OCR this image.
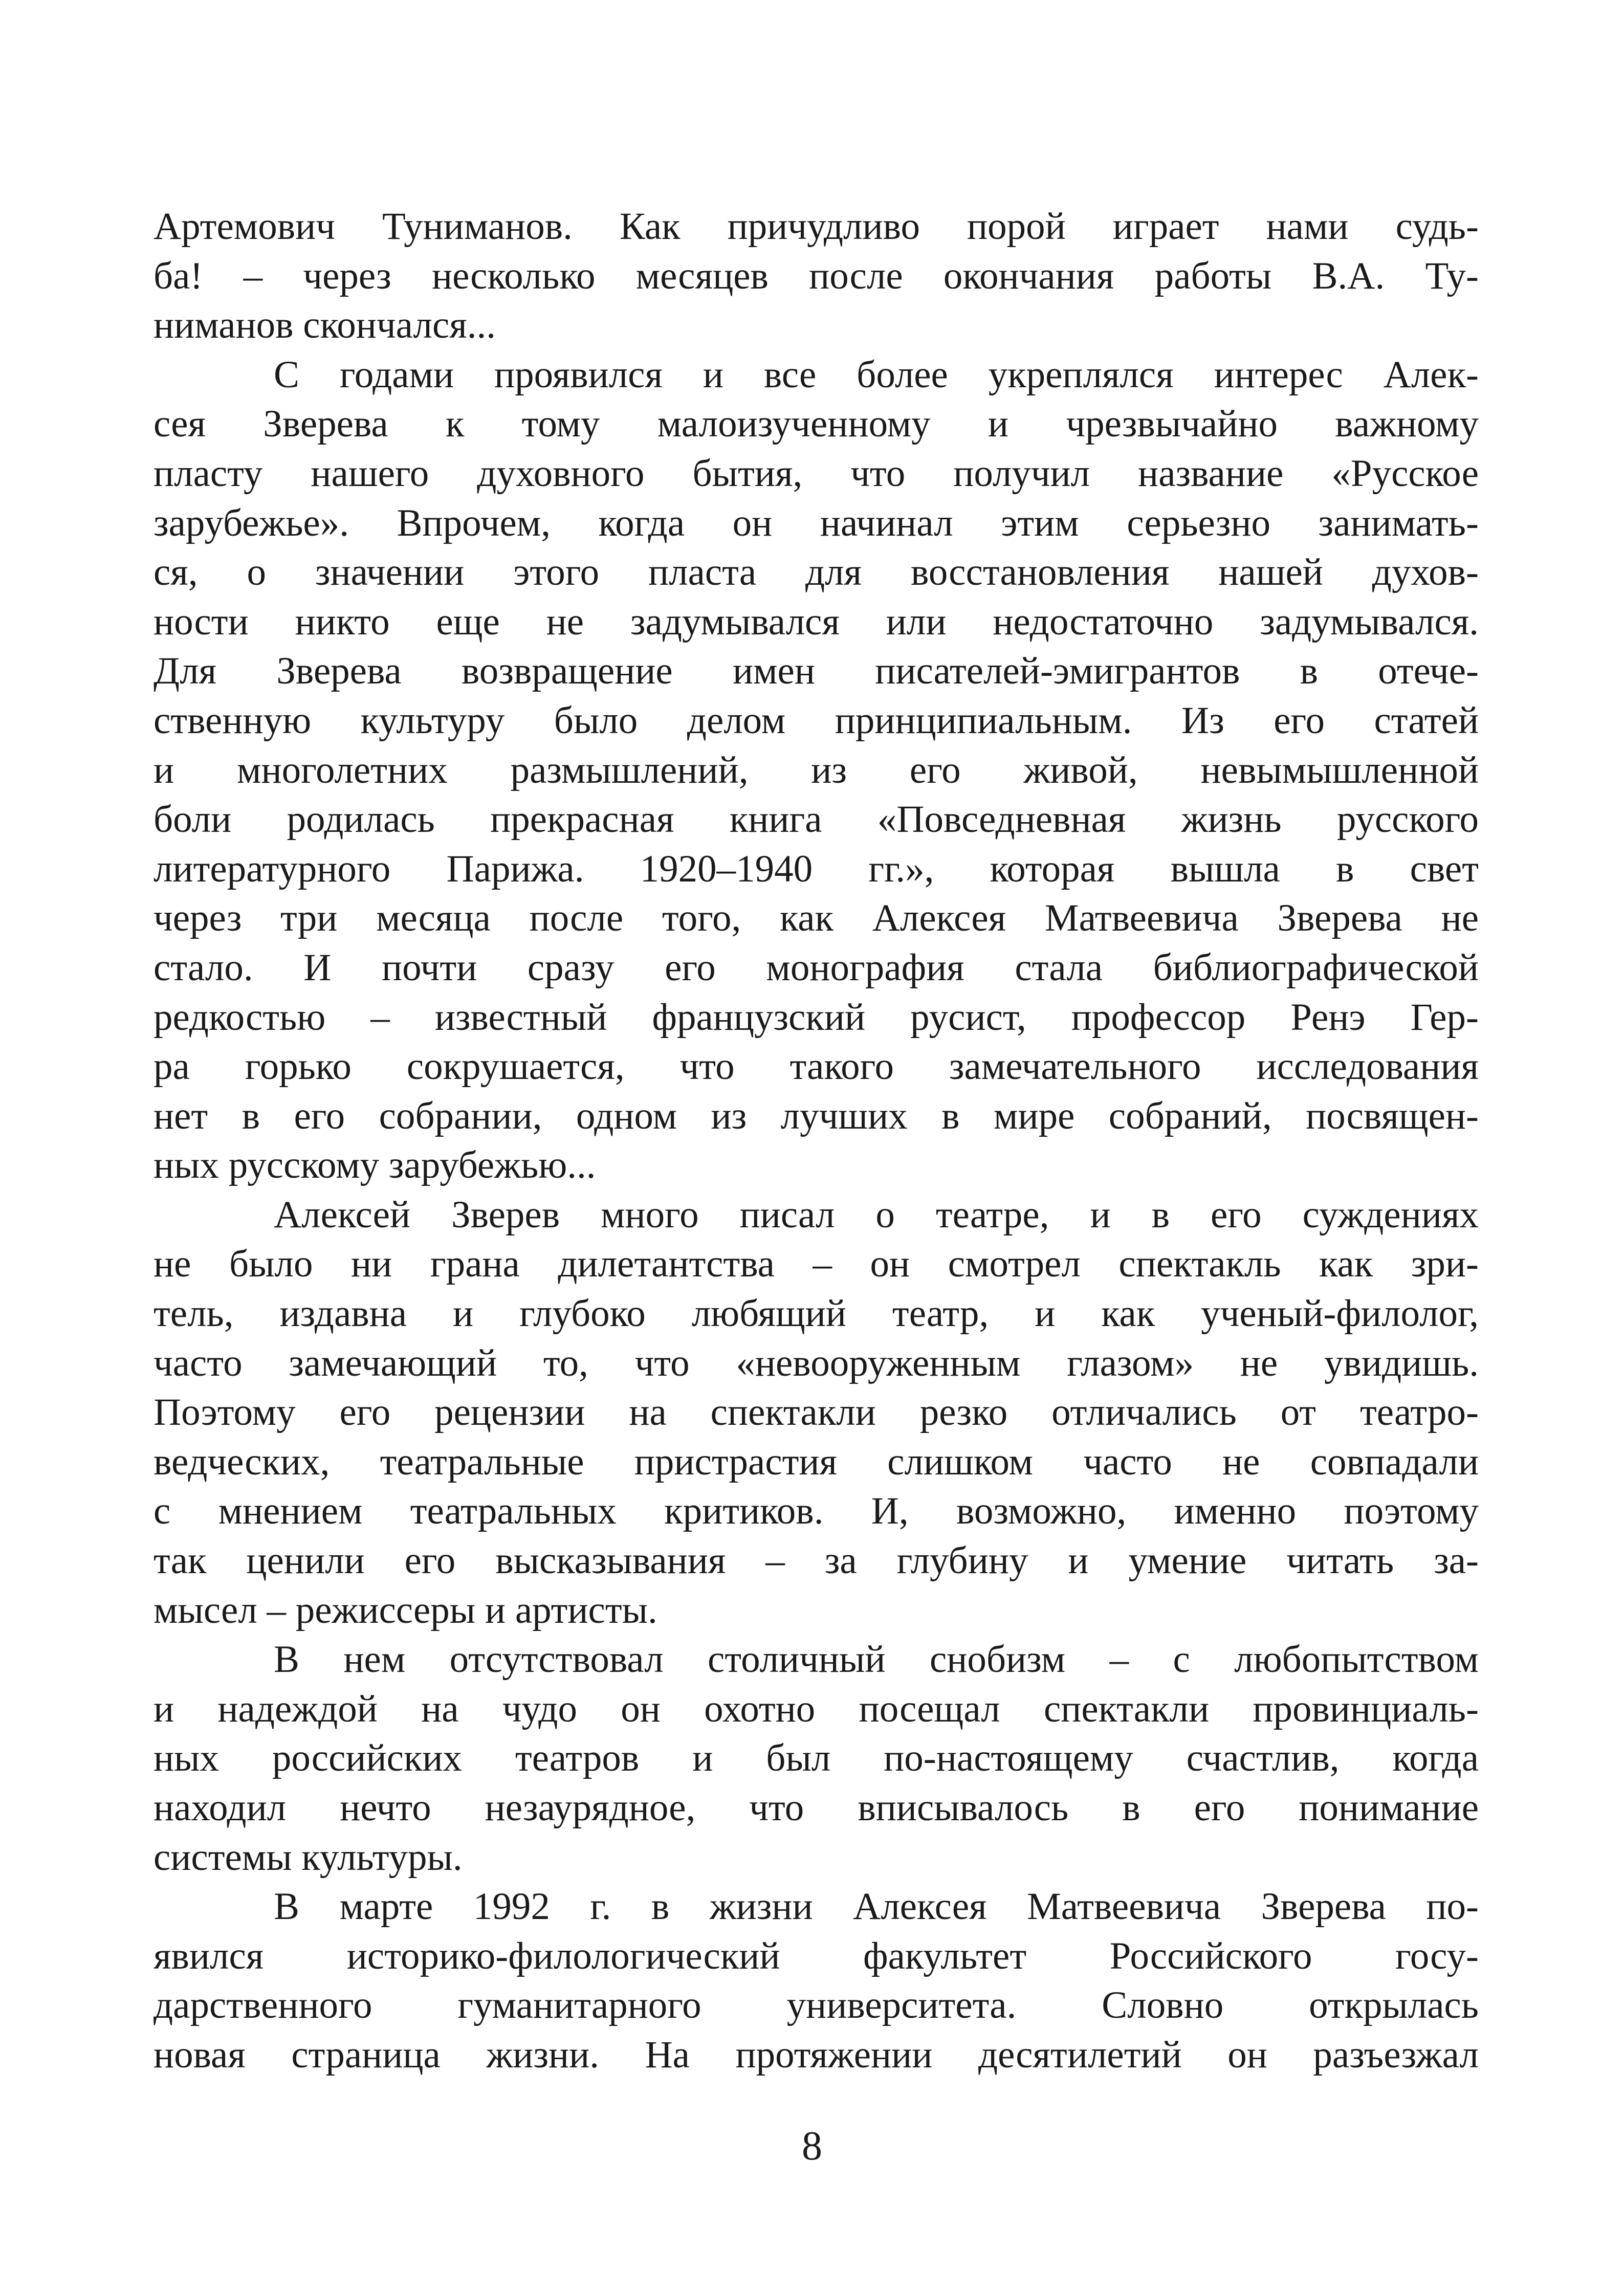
Артемович Туниманов. Как причудливо порой играет нами судь-
ба! – через несколько месяцев после окончания работы В.А. Ту-
ниманов скончался...

С годами проявился и все более укреплялся интерес Алек-
сея Зверева к тому малоизученному и чрезвычайно важному
пласту нашего духовного бытия, что получил название «Русское
зарубежье». Впрочем, когда он начинал этим серьезно занимать-
ся, о значении этого пласта для восстановления нашей духов-
ности никто еще не задумывался или недостаточно задумывался.
Для Зверева возвращение имен писателей-эмигрантов в отече-
ственную культуру было делом принципиальным. Из его статей
и многолетних размышлений, из его живой, невымышленной
боли родилась прекрасная книга «Повседневная жизнь русского
литературного Парижа. 1920–1940 гг.», которая вышла в свет
через три месяца после того, как Алексея Матвеевича Зверева не
стало. И почти сразу его монография стала библиографической
редкостью – известный французский русист, профессор Ренэ Гер-
ра горько сокрушается, что такого замечательного исследования
нет в его собрании, одном из лучших в мире собраний, посвящен-
ных русскому зарубежью...

Алексей Зверев много писал о театре, и в его суждениях
не было ни грана дилетантства – он смотрел спектакль как зри-
тель, издавна и глубоко любящий театр, и как ученый-филолог,
часто замечающий то, что «невооруженным глазом» не увидишь.
Поэтому его рецензии на спектакли резко отличались от театро-
ведческих, театральные пристрастия слишком часто не совпадали
с мнением театральных критиков. И, возможно, именно поэтому
так ценили его высказывания – за глубину и умение читать за-
мысел – режиссеры и артисты.

В нем отсутствовал столичный снобизм – с любопытством
и надеждой на чудо он охотно посещал спектакли провинциаль-
ных российских театров и был по-настоящему счастлив, когда
находил нечто незаурядное, что вписывалось в его понимание
системы культуры.

В марте 1992 г. в жизни Алексея Матвеевича Зверева по-
явился историко-филологический факультет Российского госу-
дарственного гуманитарного университета. Словно открылась
новая страница жизни. На протяжении десятилетий он разъезжал

8
